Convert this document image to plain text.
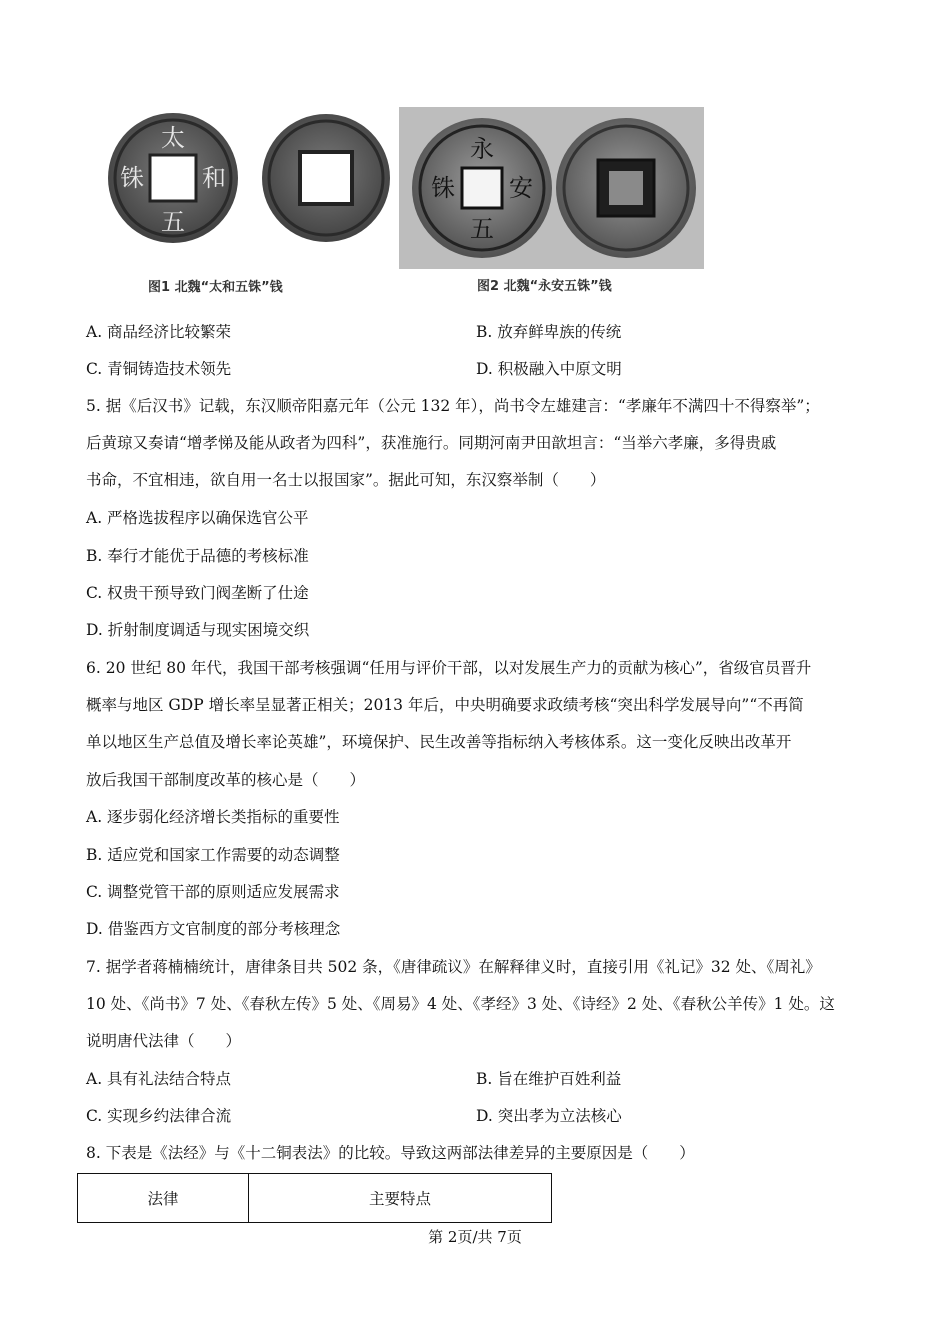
太
和
五
铢
图1 北魏“太和五铢”钱
永
安
五
铢
图2 北魏“永安五铢”钱
A. 商品经济比较繁荣	B. 放弃鲜卑族的传统
C. 青铜铸造技术领先	D. 积极融入中原文明
5. 据《后汉书》记载，东汉顺帝阳嘉元年（公元 132 年），尚书令左雄建言：“孝廉年不满四十不得察举”；
后黄琼又奏请“增孝悌及能从政者为四科”，获准施行。同期河南尹田歆坦言：“当举六孝廉，多得贵戚
书命，不宜相违，欲自用一名士以报国家”。据此可知，东汉察举制（　　）
A. 严格选拔程序以确保选官公平
B. 奉行才能优于品德的考核标准
C. 权贵干预导致门阀垄断了仕途
D. 折射制度调适与现实困境交织
6. 20 世纪 80 年代，我国干部考核强调“任用与评价干部，以对发展生产力的贡献为核心”，省级官员晋升
概率与地区 GDP 增长率呈显著正相关；2013 年后，中央明确要求政绩考核“突出科学发展导向”“不再简
单以地区生产总值及增长率论英雄”，环境保护、民生改善等指标纳入考核体系。这一变化反映出改革开
放后我国干部制度改革的核心是（　　）
A. 逐步弱化经济增长类指标的重要性
B. 适应党和国家工作需要的动态调整
C. 调整党管干部的原则适应发展需求
D. 借鉴西方文官制度的部分考核理念
7. 据学者蒋楠楠统计，唐律条目共 502 条，《唐律疏议》在解释律义时，直接引用《礼记》32 处、《周礼》
10 处、《尚书》7 处、《春秋左传》5 处、《周易》4 处、《孝经》3 处、《诗经》2 处、《春秋公羊传》1 处。这
说明唐代法律（　　）
A. 具有礼法结合特点	B. 旨在维护百姓利益
C. 实现乡约法律合流	D. 突出孝为立法核心
8. 下表是《法经》与《十二铜表法》的比较。导致这两部法律差异的主要原因是（　　）
法律	主要特点
第 2页/共 7页
